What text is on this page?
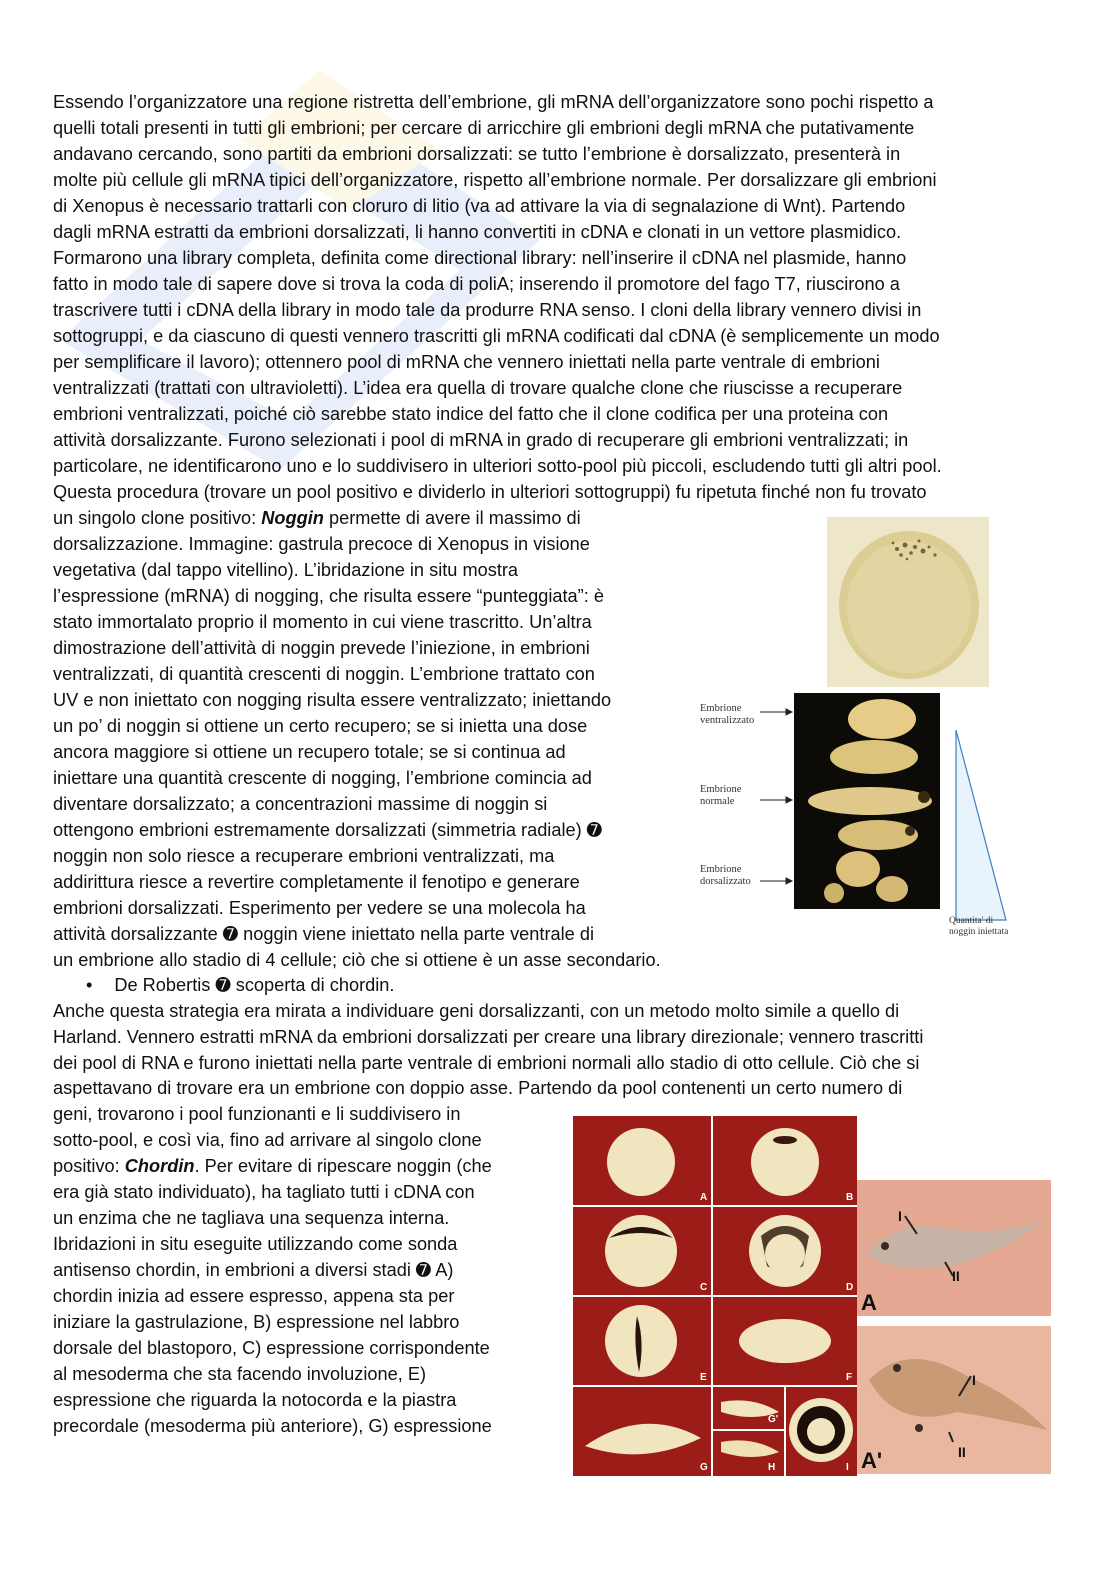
Essendo l’organizzatore una regione ristretta dell’embrione, gli mRNA dell’organizzatore sono pochi rispetto a
quelli totali presenti in tutti gli embrioni; per cercare di arricchire gli embrioni degli mRNA che putativamente
andavano cercando, sono partiti da embrioni dorsalizzati: se tutto l’embrione è dorsalizzato, presenterà in
molte più cellule gli mRNA tipici dell’organizzatore, rispetto all’embrione normale. Per dorsalizzare gli embrioni
di Xenopus è necessario trattarli con cloruro di litio (va ad attivare la via di segnalazione di Wnt). Partendo
dagli mRNA estratti da embrioni dorsalizzati, li hanno convertiti in cDNA e clonati in un vettore plasmidico.
Formarono una library completa, definita come directional library: nell’inserire il cDNA nel plasmide, hanno
fatto in modo tale di sapere dove si trova la coda di poliA; inserendo il promotore del fago T7, riuscirono a
trascrivere tutti i cDNA della library in modo tale da produrre RNA senso. I cloni della library vennero divisi in
sottogruppi, e da ciascuno di questi vennero trascritti gli mRNA codificati dal cDNA (è semplicemente un modo
per semplificare il lavoro); ottennero pool di mRNA che vennero iniettati nella parte ventrale di embrioni
ventralizzati (trattati con ultravioletti). L’idea era quella di trovare qualche clone che riuscisse a recuperare
embrioni ventralizzati, poiché ciò sarebbe stato indice del fatto che il clone codifica per una proteina con
attività dorsalizzante. Furono selezionati i pool di mRNA in grado di recuperare gli embrioni ventralizzati; in
particolare, ne identificarono uno e lo suddivisero in ulteriori sotto-pool più piccoli, escludendo tutti gli altri pool.
Questa procedura (trovare un pool positivo e dividerlo in ulteriori sottogruppi) fu ripetuta finché non fu trovato
un singolo clone positivo: Noggin permette di avere il massimo di
dorsalizzazione. Immagine: gastrula precoce di Xenopus in visione
vegetativa (dal tappo vitellino). L’ibridazione in situ mostra
l’espressione (mRNA) di nogging, che risulta essere “punteggiata”: è
stato immortalato proprio il momento in cui viene trascritto. Un’altra
dimostrazione dell’attività di noggin prevede l’iniezione, in embrioni
ventralizzati, di quantità crescenti di noggin. L’embrione trattato con
UV e non iniettato con nogging risulta essere ventralizzato; iniettando
un po’ di noggin si ottiene un certo recupero; se si inietta una dose
ancora maggiore si ottiene un recupero totale; se si continua ad
iniettare una quantità crescente di nogging, l’embrione comincia ad
diventare dorsalizzato; a concentrazioni massime di noggin si
ottengono embrioni estremamente dorsalizzati (simmetria radiale) ➐
noggin non solo riesce a recuperare embrioni ventralizzati, ma
addirittura riesce a revertire completamente il fenotipo e generare
embrioni dorsalizzati. Esperimento per vedere se una molecola ha
attività dorsalizzante ➐ noggin viene iniettato nella parte ventrale di
un embrione allo stadio di 4 cellule; ciò che si ottiene è un asse secondario.
• De Robertis ➐ scoperta di chordin.
Anche questa strategia era mirata a individuare geni dorsalizzanti, con un metodo molto simile a quello di
Harland. Vennero estratti mRNA da embrioni dorsalizzati per creare una library direzionale; vennero trascritti
dei pool di RNA e furono iniettati nella parte ventrale di embrioni normali allo stadio di otto cellule. Ciò che si
aspettavano di trovare era un embrione con doppio asse. Partendo da pool contenenti un certo numero di
geni, trovarono i pool funzionanti e li suddivisero in
sotto-pool, e così via, fino ad arrivare al singolo clone
positivo: Chordin. Per evitare di ripescare noggin (che
era già stato individuato), ha tagliato tutti i cDNA con
un enzima che ne tagliava una sequenza interna.
Ibridazioni in situ eseguite utilizzando come sonda
antisenso chordin, in embrioni a diversi stadi ➐ A)
chordin inizia ad essere espresso, appena sta per
iniziare la gastrulazione, B) espressione nel labbro
dorsale del blastoporo, C) espressione corrispondente
al mesoderma che sta facendo involuzione, E)
espressione che riguarda la notocorda e la piastra
precordale (mesoderma più anteriore), G) espressione
Embrione
ventralizzato
Embrione
normale
Embrione
dorsalizzato
Quantita' di
noggin iniettata
A	B
C	D
E	F
G
G'
H	I
A
A'
I
II
I
II
